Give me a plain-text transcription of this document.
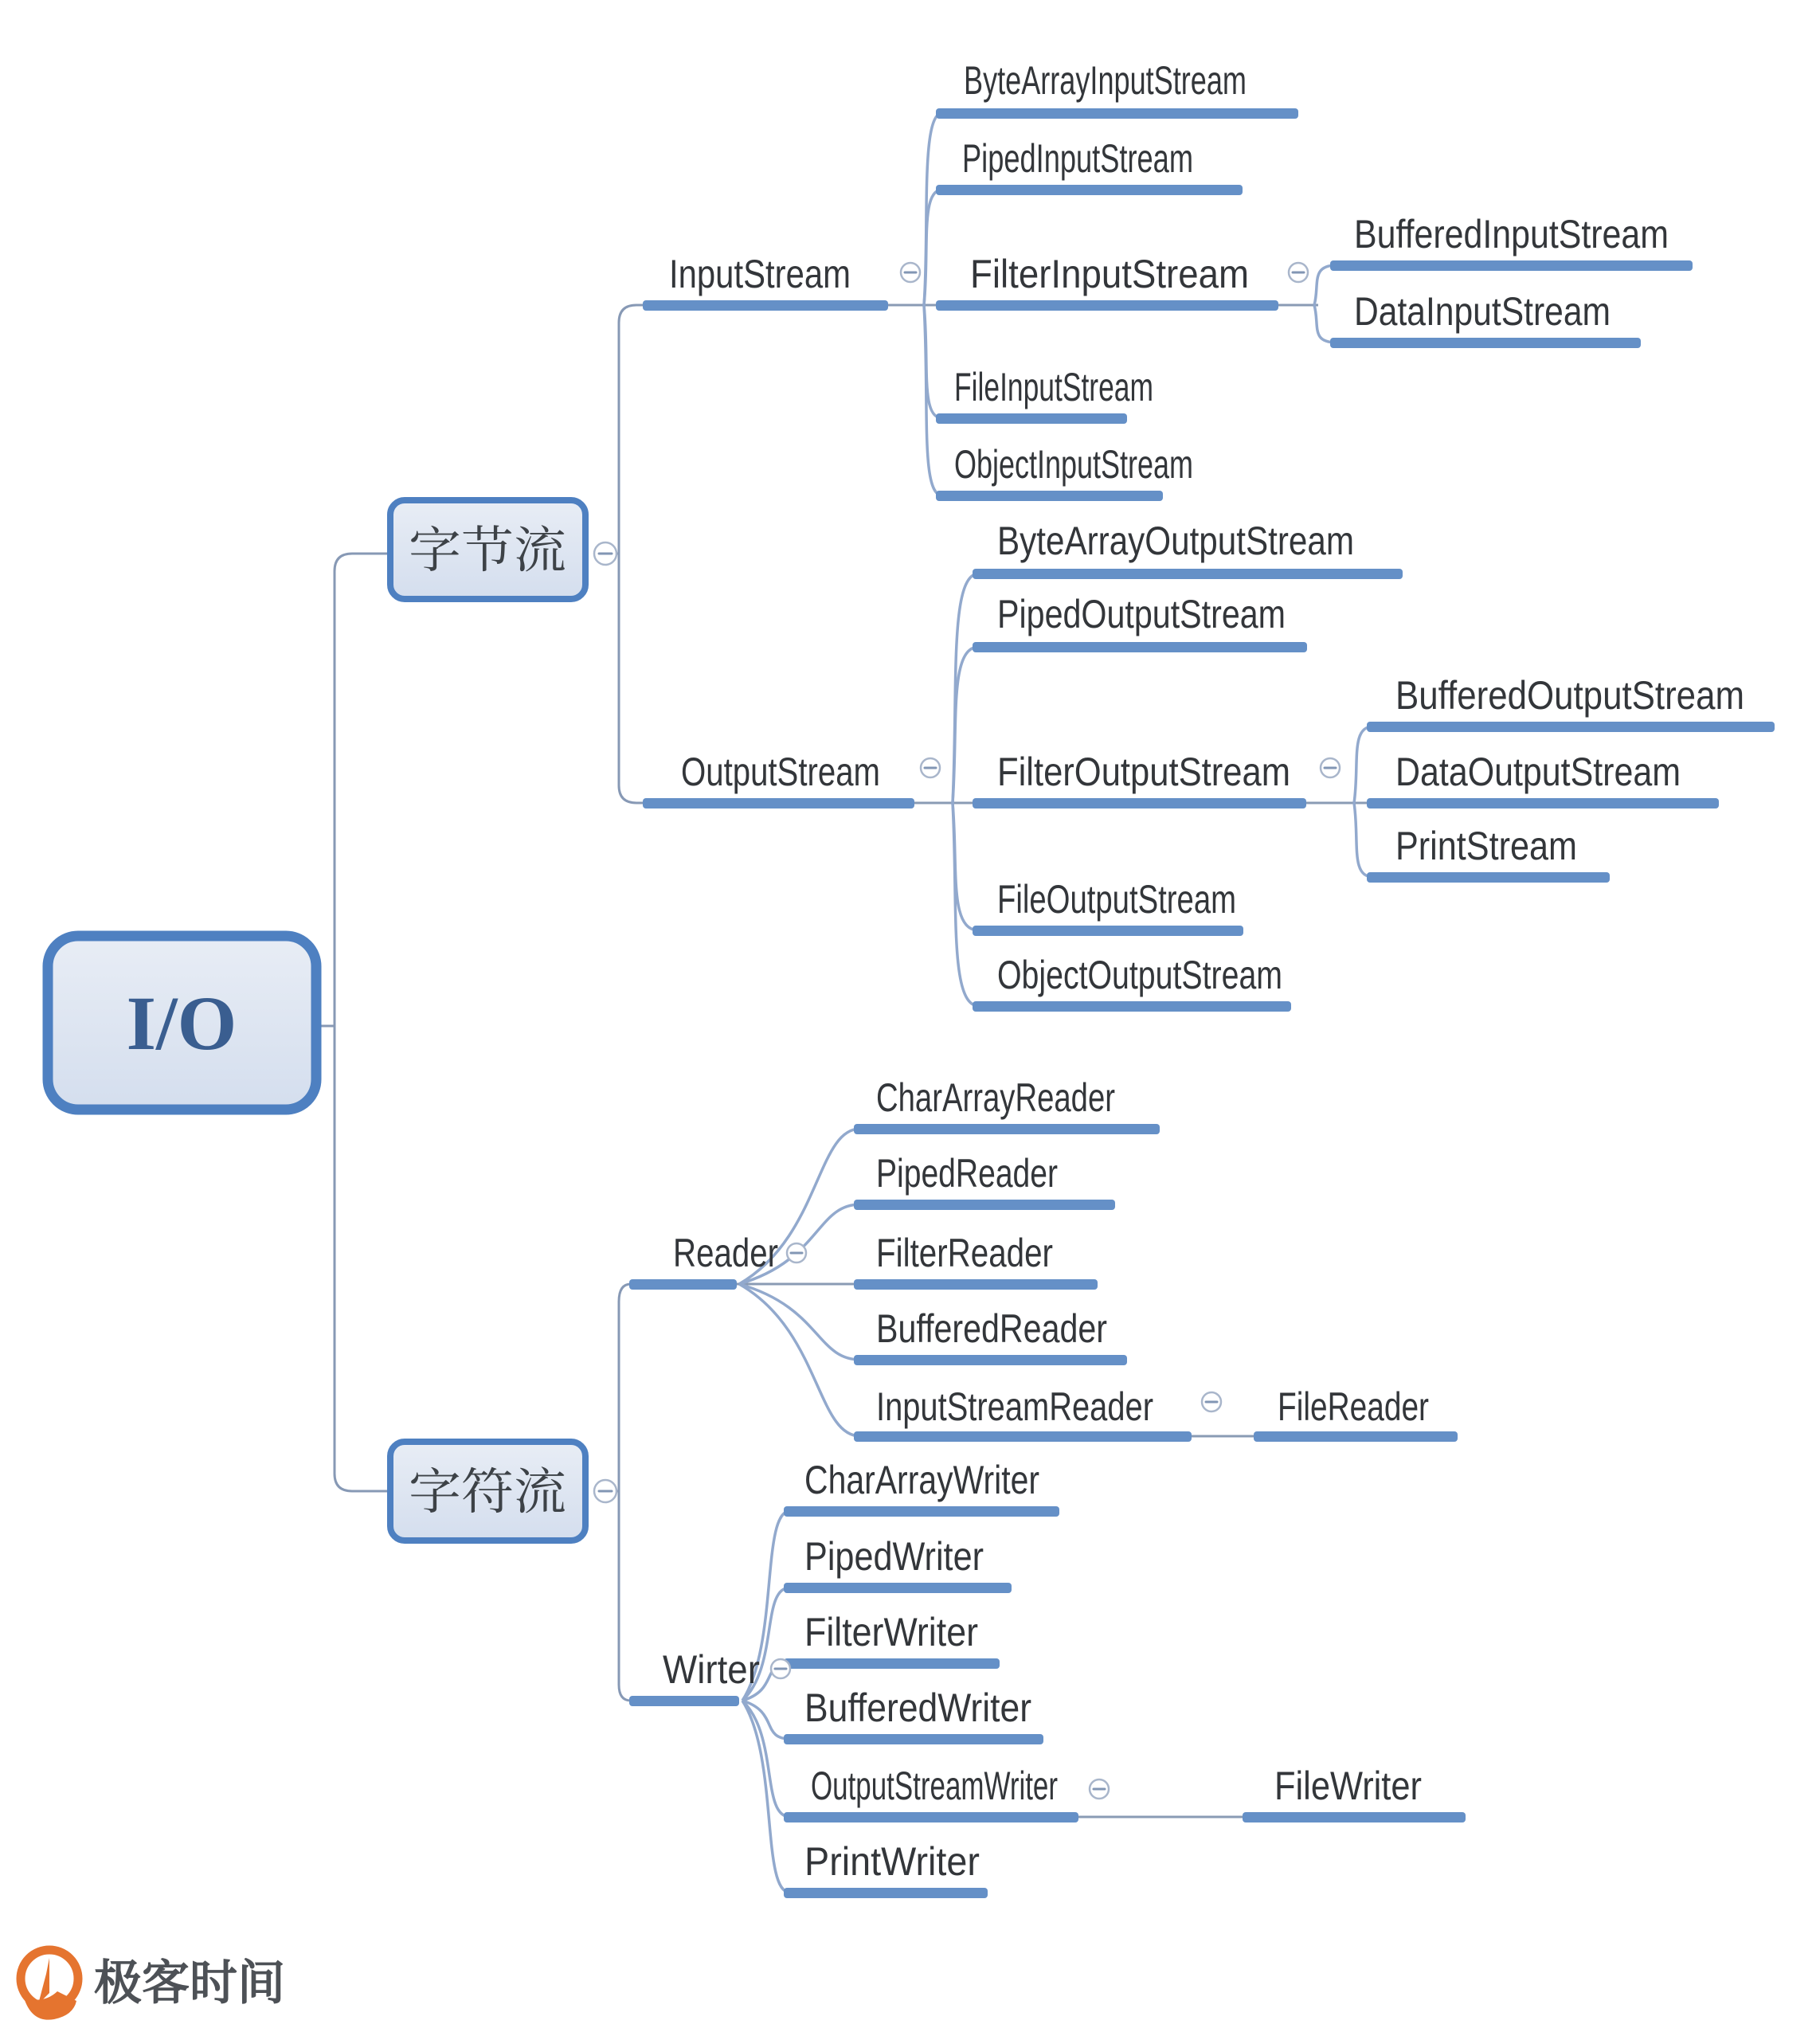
I/O
字节流
字符流
InputStream
ByteArrayInputStream
PipedInputStream
FilterInputStream
BufferedInputStream
DataInputStream
FileInputStream
ObjectInputStream
OutputStream
ByteArrayOutputStream
PipedOutputStream
FilterOutputStream
BufferedOutputStream
DataOutputStream
PrintStream
FileOutputStream
ObjectOutputStream
Reader
CharArrayReader
PipedReader
FilterReader
BufferedReader
InputStreamReader	FileReader
Wirter
CharArrayWriter
PipedWriter
FilterWriter
BufferedWriter
OutputStreamWriter	FileWriter
PrintWriter
极客时间
